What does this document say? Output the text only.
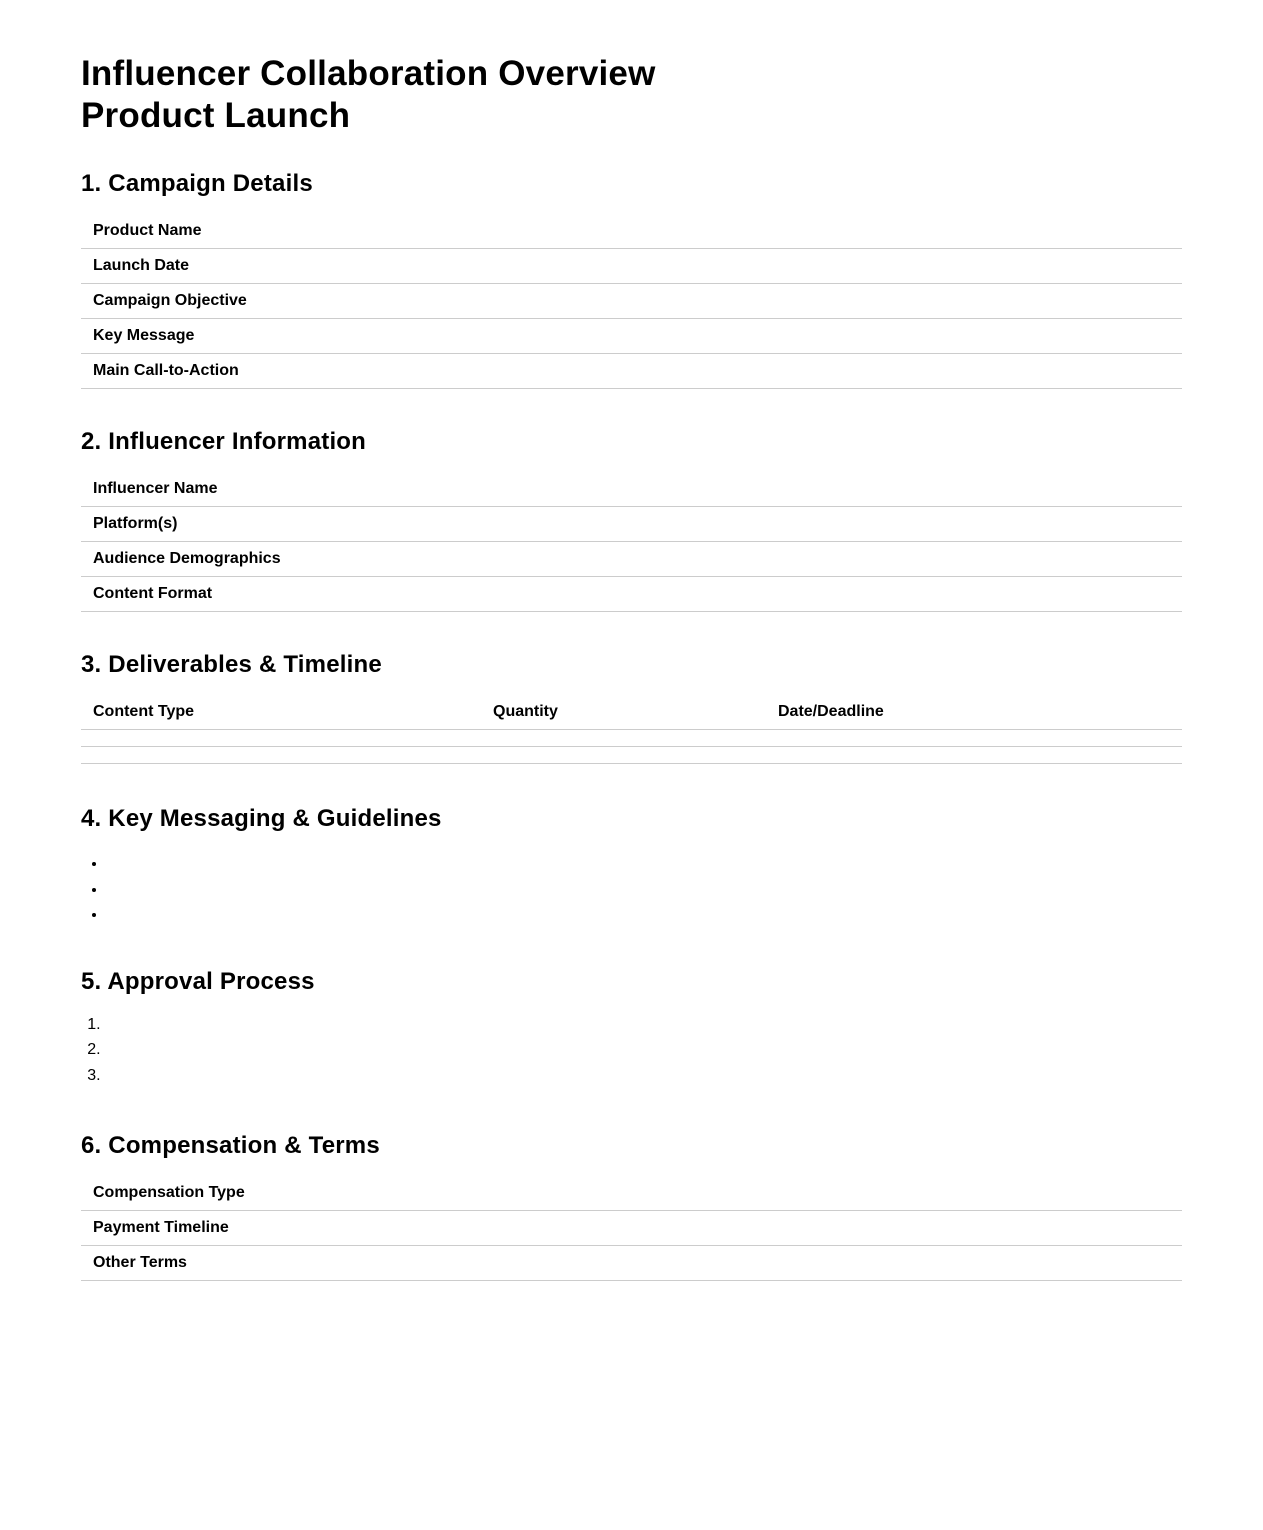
Influencer Collaboration Overview
Product Launch
1. Campaign Details
Product Name	
Launch Date	
Campaign Objective	
Key Message	
Main Call-to-Action	
2. Influencer Information
Influencer Name	
Platform(s)	
Audience Demographics	
Content Format	
3. Deliverables & Timeline
Content Type	Quantity	Date/Deadline

4. Key Messaging & Guidelines
•
•
•
5. Approval Process
1.
2.
3.
6. Compensation & Terms
Compensation Type	
Payment Timeline	
Other Terms	
